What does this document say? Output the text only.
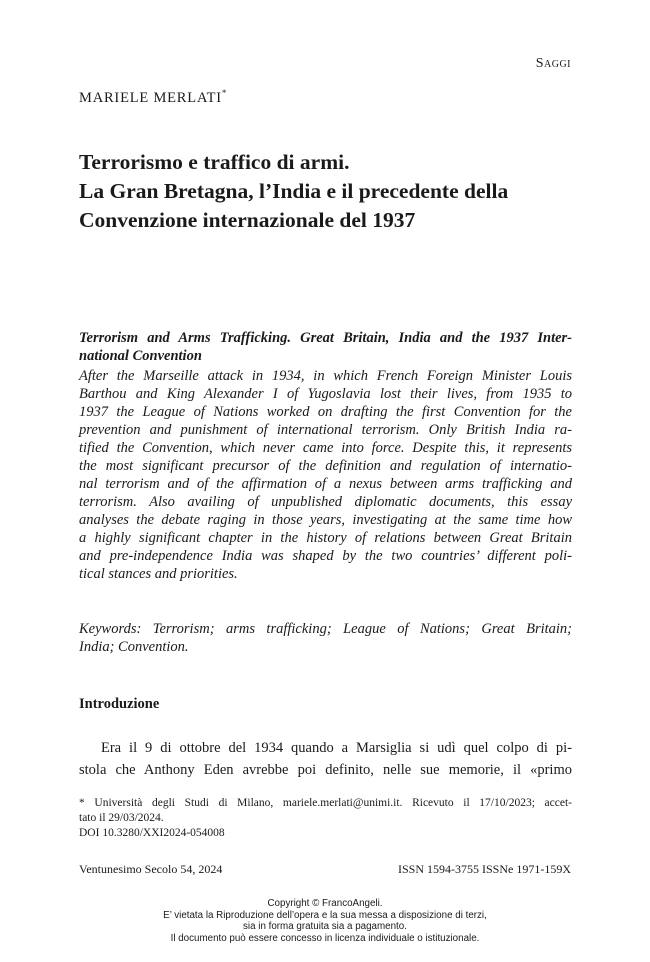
Saggi
MARIELE MERLATI*
Terrorismo e traffico di armi.
La Gran Bretagna, l’India e il precedente della
Convenzione internazionale del 1937
Terrorism and Arms Trafficking. Great Britain, India and the 1937 Inter-
national Convention
After the Marseille attack in 1934, in which French Foreign Minister Louis
Barthou and King Alexander I of Yugoslavia lost their lives, from 1935 to
1937 the League of Nations worked on drafting the first Convention for the
prevention and punishment of international terrorism. Only British India ra-
tified the Convention, which never came into force. Despite this, it represents
the most significant precursor of the definition and regulation of internatio-
nal terrorism and of the affirmation of a nexus between arms trafficking and
terrorism. Also availing of unpublished diplomatic documents, this essay
analyses the debate raging in those years, investigating at the same time how
a highly significant chapter in the history of relations between Great Britain
and pre-independence India was shaped by the two countries’ different poli-
tical stances and priorities.
Keywords: Terrorism; arms trafficking; League of Nations; Great Britain;
India; Convention.
Introduzione
Era il 9 di ottobre del 1934 quando a Marsiglia si udì quel colpo di pi-
stola che Anthony Eden avrebbe poi definito, nelle sue memorie, il «primo
* Università degli Studi di Milano, mariele.merlati@unimi.it. Ricevuto il 17/10/2023; accet-
tato il 29/03/2024.
DOI 10.3280/XXI2024-054008
Ventunesimo Secolo 54, 2024	ISSN 1594-3755 ISSNe 1971-159X
Copyright © FrancoAngeli.
E’ vietata la Riproduzione dell’opera e la sua messa a disposizione di terzi,
sia in forma gratuita sia a pagamento.
Il documento può essere concesso in licenza individuale o istituzionale.
